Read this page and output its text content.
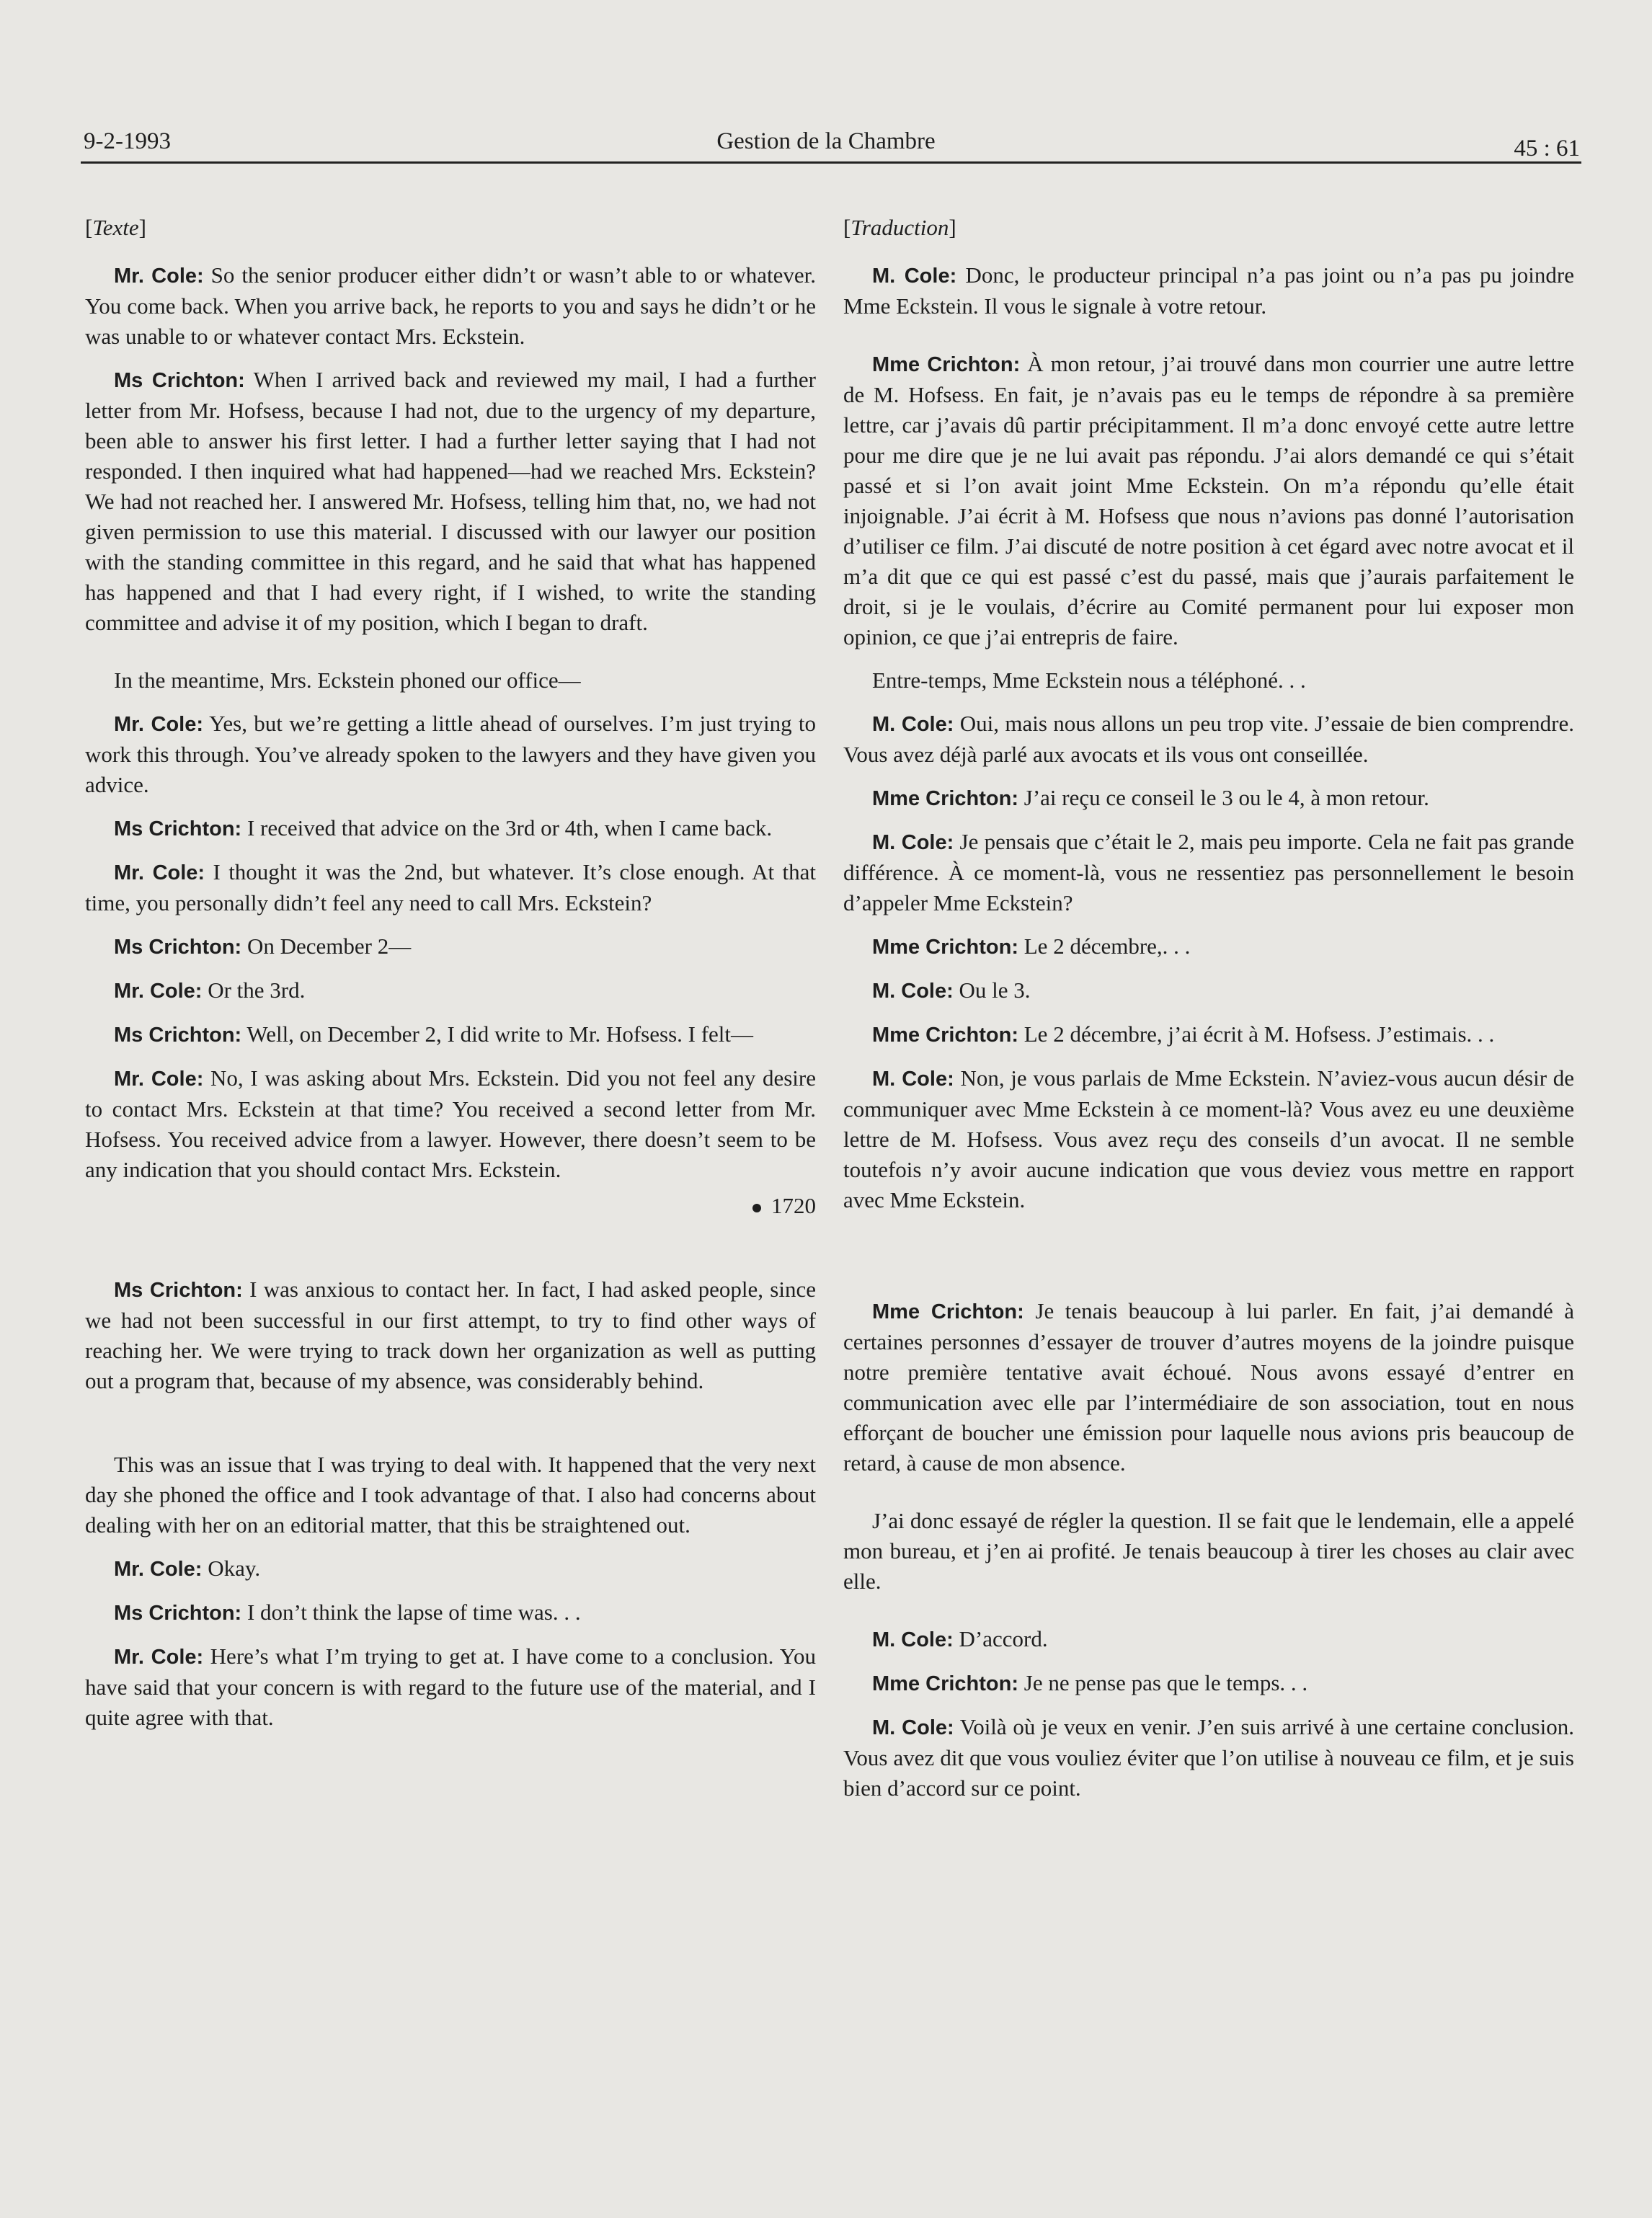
9-2-1993	Gestion de la Chambre	45 : 61
[Texte]

Mr. Cole: So the senior producer either didn’t or wasn’t able to or whatever. You come back. When you arrive back, he reports to you and says he didn’t or he was unable to or whatever contact Mrs. Eckstein.

Ms Crichton: When I arrived back and reviewed my mail, I had a further letter from Mr. Hofsess, because I had not, due to the urgency of my departure, been able to answer his first letter. I had a further letter saying that I had not responded. I then inquired what had happened—had we reached Mrs. Eckstein? We had not reached her. I answered Mr. Hofsess, telling him that, no, we had not given permission to use this material. I discussed with our lawyer our position with the standing committee in this regard, and he said that what has happened has happened and that I had every right, if I wished, to write the standing committee and advise it of my position, which I began to draft.

In the meantime, Mrs. Eckstein phoned our office—

Mr. Cole: Yes, but we’re getting a little ahead of ourselves. I’m just trying to work this through. You’ve already spoken to the lawyers and they have given you advice.

Ms Crichton: I received that advice on the 3rd or 4th, when I came back.

Mr. Cole: I thought it was the 2nd, but whatever. It’s close enough. At that time, you personally didn’t feel any need to call Mrs. Eckstein?

Ms Crichton: On December 2—

Mr. Cole: Or the 3rd.

Ms Crichton: Well, on December 2, I did write to Mr. Hofsess. I felt—

Mr. Cole: No, I was asking about Mrs. Eckstein. Did you not feel any desire to contact Mrs. Eckstein at that time? You received a second letter from Mr. Hofsess. You received advice from a lawyer. However, there doesn’t seem to be any indication that you should contact Mrs. Eckstein.

1720

Ms Crichton: I was anxious to contact her. In fact, I had asked people, since we had not been successful in our first attempt, to try to find other ways of reaching her. We were trying to track down her organization as well as putting out a program that, because of my absence, was considerably behind.

This was an issue that I was trying to deal with. It happened that the very next day she phoned the office and I took advantage of that. I also had concerns about dealing with her on an editorial matter, that this be straightened out.

Mr. Cole: Okay.

Ms Crichton: I don’t think the lapse of time was. . .

Mr. Cole: Here’s what I’m trying to get at. I have come to a conclusion. You have said that your concern is with regard to the future use of the material, and I quite agree with that.

[Traduction]

M. Cole: Donc, le producteur principal n’a pas joint ou n’a pas pu joindre Mme Eckstein. Il vous le signale à votre retour.

Mme Crichton: À mon retour, j’ai trouvé dans mon courrier une autre lettre de M. Hofsess. En fait, je n’avais pas eu le temps de répondre à sa première lettre, car j’avais dû partir précipitamment. Il m’a donc envoyé cette autre lettre pour me dire que je ne lui avait pas répondu. J’ai alors demandé ce qui s’était passé et si l’on avait joint Mme Eckstein. On m’a répondu qu’elle était injoignable. J’ai écrit à M. Hofsess que nous n’avions pas donné l’autorisation d’utiliser ce film. J’ai discuté de notre position à cet égard avec notre avocat et il m’a dit que ce qui est passé c’est du passé, mais que j’aurais parfaitement le droit, si je le voulais, d’écrire au Comité permanent pour lui exposer mon opinion, ce que j’ai entrepris de faire.

Entre-temps, Mme Eckstein nous a téléphoné. . .

M. Cole: Oui, mais nous allons un peu trop vite. J’essaie de bien comprendre. Vous avez déjà parlé aux avocats et ils vous ont conseillée.

Mme Crichton: J’ai reçu ce conseil le 3 ou le 4, à mon retour.

M. Cole: Je pensais que c’était le 2, mais peu importe. Cela ne fait pas grande différence. À ce moment-là, vous ne ressentiez pas personnellement le besoin d’appeler Mme Eckstein?

Mme Crichton: Le 2 décembre,. . .

M. Cole: Ou le 3.

Mme Crichton: Le 2 décembre, j’ai écrit à M. Hofsess. J’estimais. . .

M. Cole: Non, je vous parlais de Mme Eckstein. N’aviez-vous aucun désir de communiquer avec Mme Eckstein à ce moment-là? Vous avez eu une deuxième lettre de M. Hofsess. Vous avez reçu des conseils d’un avocat. Il ne semble toutefois n’y avoir aucune indication que vous deviez vous mettre en rapport avec Mme Eckstein.

Mme Crichton: Je tenais beaucoup à lui parler. En fait, j’ai demandé à certaines personnes d’essayer de trouver d’autres moyens de la joindre puisque notre première tentative avait échoué. Nous avons essayé d’entrer en communication avec elle par l’intermédiaire de son association, tout en nous efforçant de boucher une émission pour laquelle nous avions pris beaucoup de retard, à cause de mon absence.

J’ai donc essayé de régler la question. Il se fait que le lendemain, elle a appelé mon bureau, et j’en ai profité. Je tenais beaucoup à tirer les choses au clair avec elle.

M. Cole: D’accord.

Mme Crichton: Je ne pense pas que le temps. . .

M. Cole: Voilà où je veux en venir. J’en suis arrivé à une certaine conclusion. Vous avez dit que vous vouliez éviter que l’on utilise à nouveau ce film, et je suis bien d’accord sur ce point.
